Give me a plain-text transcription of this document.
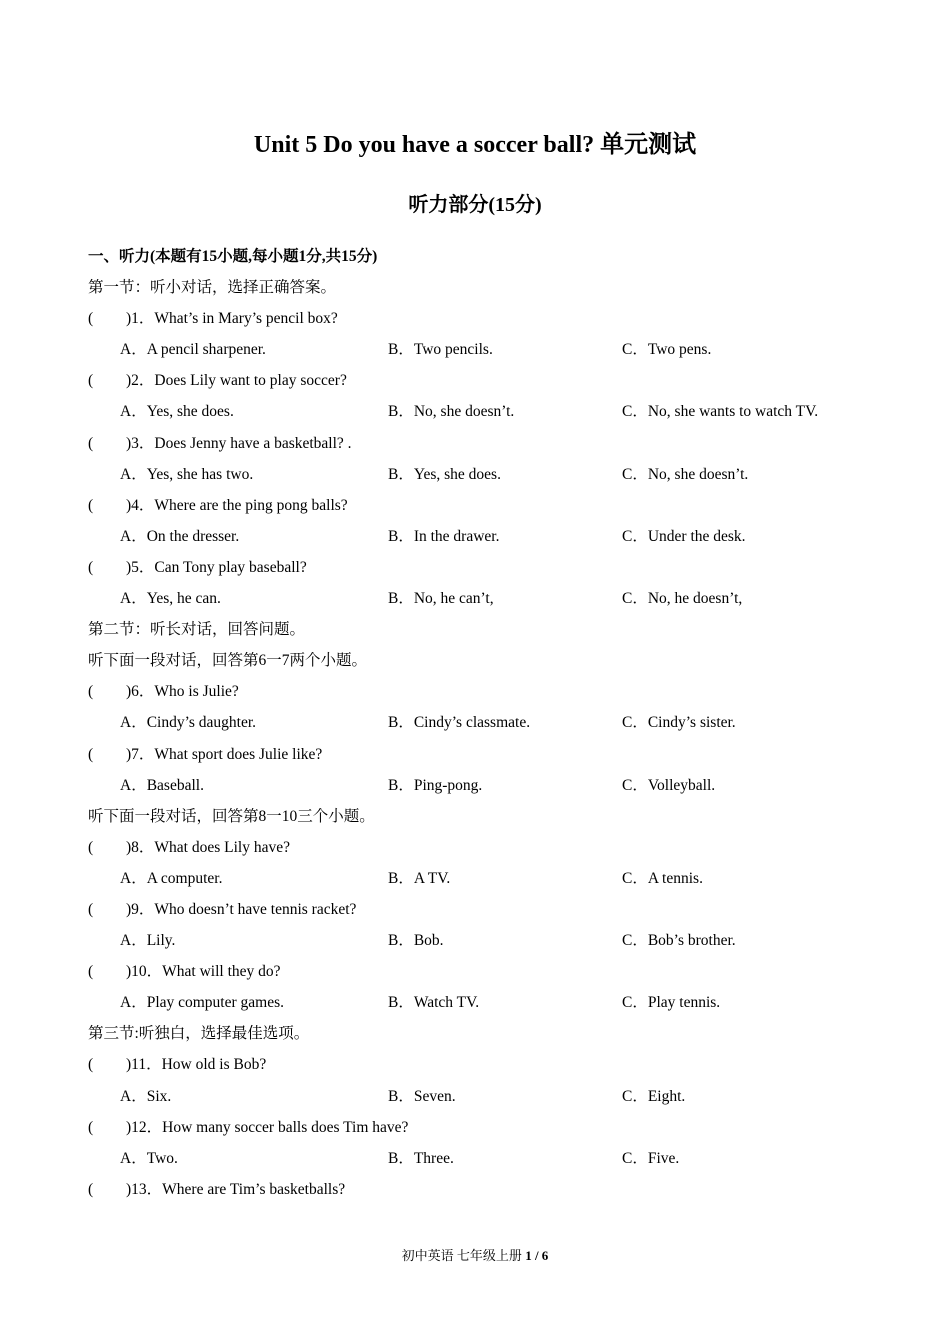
Unit 5 Do you have a soccer ball? 单元测试
听力部分(15分)
一、听力(本题有15小题,每小题1分,共15分)
第一节：听小对话，选择正确答案。
( )1．What’s in Mary’s pencil box?
A．A pencil sharpener.	B．Two pencils.	C．Two pens.
( )2．Does Lily want to play soccer?
A．Yes, she does.	B．No, she doesn’t.	C．No, she wants to watch TV.
( )3．Does Jenny have a basketball? .
A．Yes, she has two.	B．Yes, she does.	C．No, she doesn’t.
( )4．Where are the ping pong balls?
A．On the dresser.	B．In the drawer.	C．Under the desk.
( )5．Can Tony play baseball?
A．Yes, he can.	B．No, he can’t,	C．No, he doesn’t,
第二节：听长对话，回答问题。
听下面一段对话，回答第6一7两个小题。
( )6．Who is Julie?
A．Cindy’s daughter.	B．Cindy’s classmate.	C．Cindy’s sister.
( )7．What sport does Julie like?
A．Baseball.	B．Ping-pong.	C．Volleyball.
听下面一段对话，回答第8一10三个小题。
( )8．What does Lily have?
A．A computer.	B．A TV.	C．A tennis.
( )9．Who doesn’t have tennis racket?
A．Lily.	B．Bob.	C．Bob’s brother.
( )10．What will they do?
A．Play computer games.	B．Watch TV.	C．Play tennis.
第三节:听独白，选择最佳选项。
( )11．How old is Bob?
A．Six.	B．Seven.	C．Eight.
( )12．How many soccer balls does Tim have?
A．Two.	B．Three.	C．Five.
( )13．Where are Tim’s basketballs?
初中英语 七年级上册 1 / 6
